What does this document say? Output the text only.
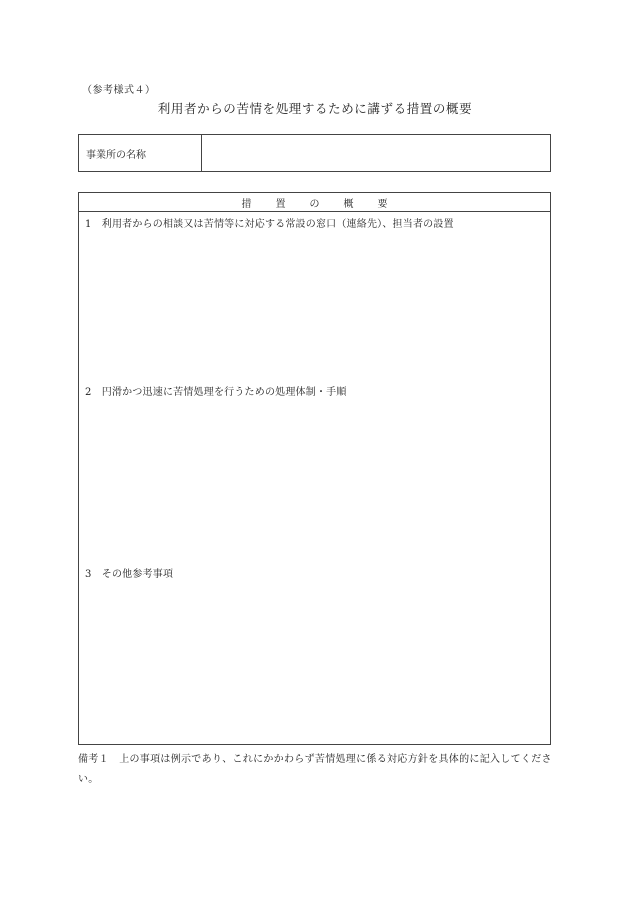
（参考様式４）
利用者からの苦情を処理するために講ずる措置の概要
事業所の名称
措 置 の 概 要
1　利用者からの相談又は苦情等に対応する常設の窓口（連絡先）、担当者の設置
2　円滑かつ迅速に苦情処理を行うための処理体制・手順
3　その他参考事項
備考１　上の事項は例示であり、これにかかわらず苦情処理に係る対応方針を具体的に記入してください。
